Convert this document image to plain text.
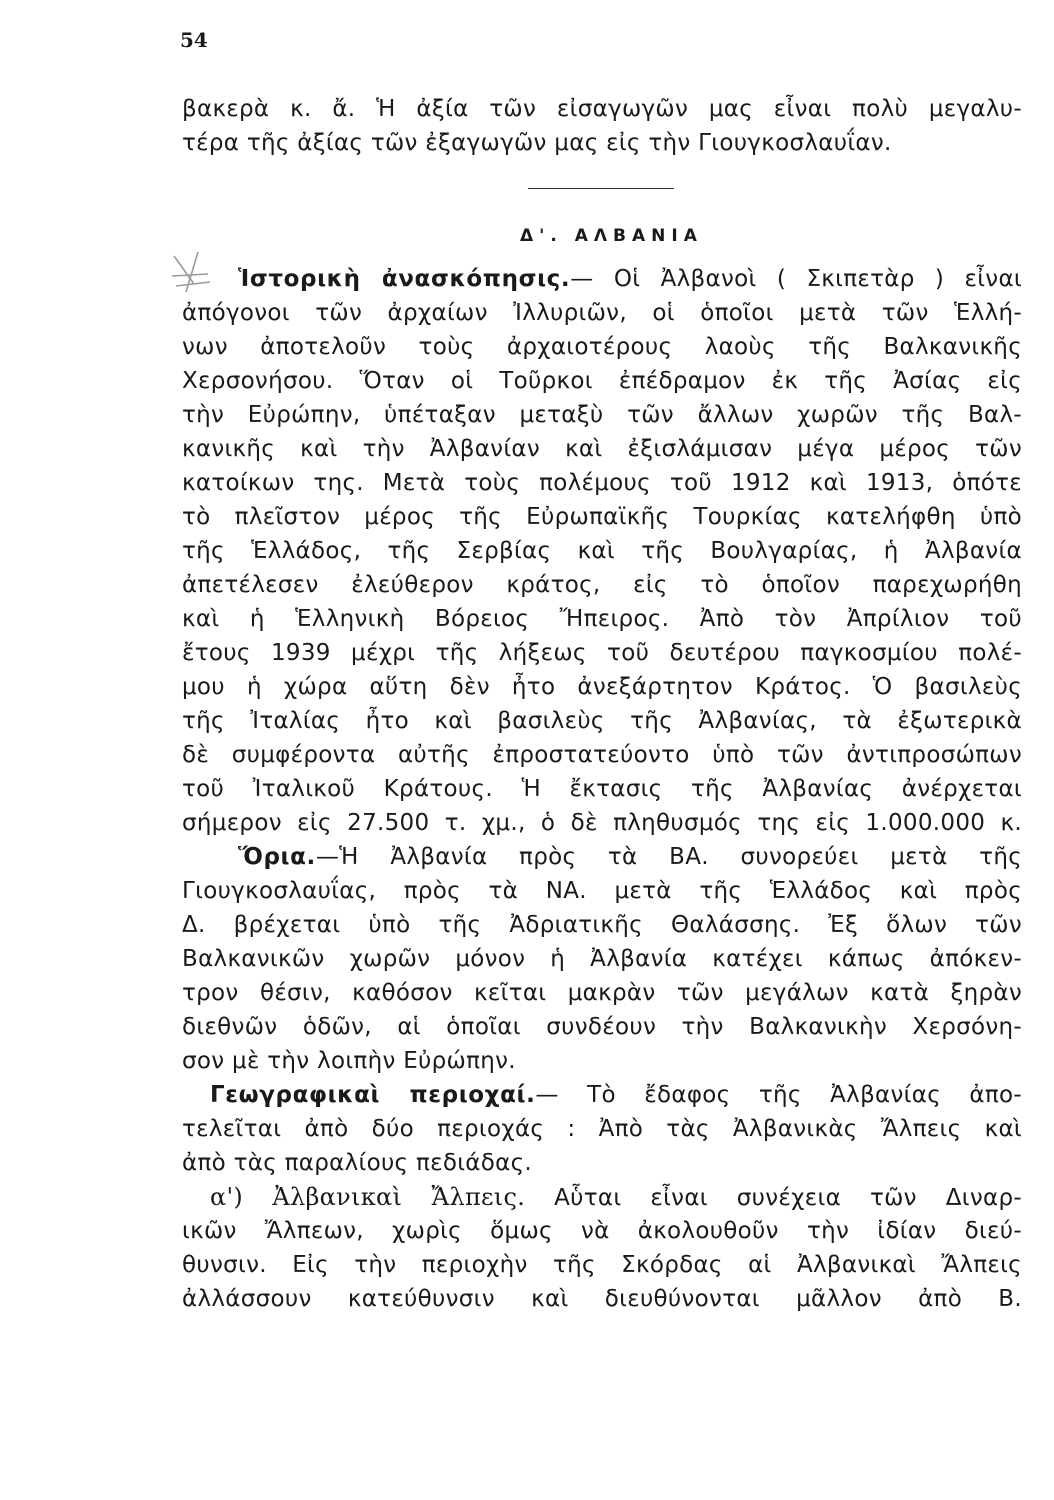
54
βακερὰ κ. ἄ. Ἡ ἀξία τῶν εἰσαγωγῶν μας εἶναι πολὺ μεγαλυ-
τέρα τῆς ἀξίας τῶν ἐξαγωγῶν μας εἰς τὴν Γιουγκοσλαυΐαν.
Δ'. ΑΛΒΑΝΙΑ
Ἱστορικὴ ἀνασκόπησις.— Οἱ Ἀλβανοὶ ( Σκιπετὰρ ) εἶναι
ἀπόγονοι τῶν ἀρχαίων Ἰλλυριῶν, οἱ ὁποῖοι μετὰ τῶν Ἑλλή-
νων ἀποτελοῦν τοὺς ἀρχαιοτέρους λαοὺς τῆς Βαλκανικῆς
Χερσονήσου. Ὅταν οἱ Τοῦρκοι ἐπέδραμον ἐκ τῆς Ἀσίας εἰς
τὴν Εὐρώπην, ὑπέταξαν μεταξὺ τῶν ἄλλων χωρῶν τῆς Βαλ-
κανικῆς καὶ τὴν Ἀλβανίαν καὶ ἐξισλάμισαν μέγα μέρος τῶν
κατοίκων της. Μετὰ τοὺς πολέμους τοῦ 1912 καὶ 1913, ὁπότε
τὸ πλεῖστον μέρος τῆς Εὐρωπαϊκῆς Τουρκίας κατελήφθη ὑπὸ
τῆς Ἑλλάδος, τῆς Σερβίας καὶ τῆς Βουλγαρίας, ἡ Ἀλβανία
ἀπετέλεσεν ἐλεύθερον κράτος, εἰς τὸ ὁποῖον παρεχωρήθη
καὶ ἡ Ἑλληνικὴ Βόρειος Ἤπειρος. Ἀπὸ τὸν Ἀπρίλιον τοῦ
ἔτους 1939 μέχρι τῆς λήξεως τοῦ δευτέρου παγκοσμίου πολέ-
μου ἡ χώρα αὕτη δὲν ἦτο ἀνεξάρτητον Κράτος. Ὁ βασιλεὺς
τῆς Ἰταλίας ἦτο καὶ βασιλεὺς τῆς Ἀλβανίας, τὰ ἐξωτερικὰ
δὲ συμφέροντα αὐτῆς ἐπροστατεύοντο ὑπὸ τῶν ἀντιπροσώπων
τοῦ Ἰταλικοῦ Κράτους. Ἡ ἔκτασις τῆς Ἀλβανίας ἀνέρχεται
σήμερον εἰς 27.500 τ. χμ., ὁ δὲ πληθυσμός της εἰς 1.000.000 κ.
Ὅρια.—Ἡ Ἀλβανία πρὸς τὰ ΒΑ. συνορεύει μετὰ τῆς
Γιουγκοσλαυΐας, πρὸς τὰ ΝΑ. μετὰ τῆς Ἑλλάδος καὶ πρὸς
Δ. βρέχεται ὑπὸ τῆς Ἀδριατικῆς Θαλάσσης. Ἐξ ὅλων τῶν
Βαλκανικῶν χωρῶν μόνον ἡ Ἀλβανία κατέχει κάπως ἀπόκεν-
τρον θέσιν, καθόσον κεῖται μακρὰν τῶν μεγάλων κατὰ ξηρὰν
διεθνῶν ὁδῶν, αἱ ὁποῖαι συνδέουν τὴν Βαλκανικὴν Χερσόνη-
σον μὲ τὴν λοιπὴν Εὐρώπην.
Γεωγραφικαὶ περιοχαί.— Τὸ ἔδαφος τῆς Ἀλβανίας ἀπο-
τελεῖται ἀπὸ δύο περιοχάς : Ἀπὸ τὰς Ἀλβανικὰς Ἄλπεις καὶ
ἀπὸ τὰς παραλίους πεδιάδας.
α') Ἀλβανικαὶ Ἄλπεις. Αὗται εἶναι συνέχεια τῶν Διναρ-
ικῶν Ἄλπεων, χωρὶς ὅμως νὰ ἀκολουθοῦν τὴν ἰδίαν διεύ-
θυνσιν. Εἰς τὴν περιοχὴν τῆς Σκόρδας αἱ Ἀλβανικαὶ Ἄλπεις
ἀλλάσσουν κατεύθυνσιν καὶ διευθύνονται μᾶλλον ἀπὸ Β.
